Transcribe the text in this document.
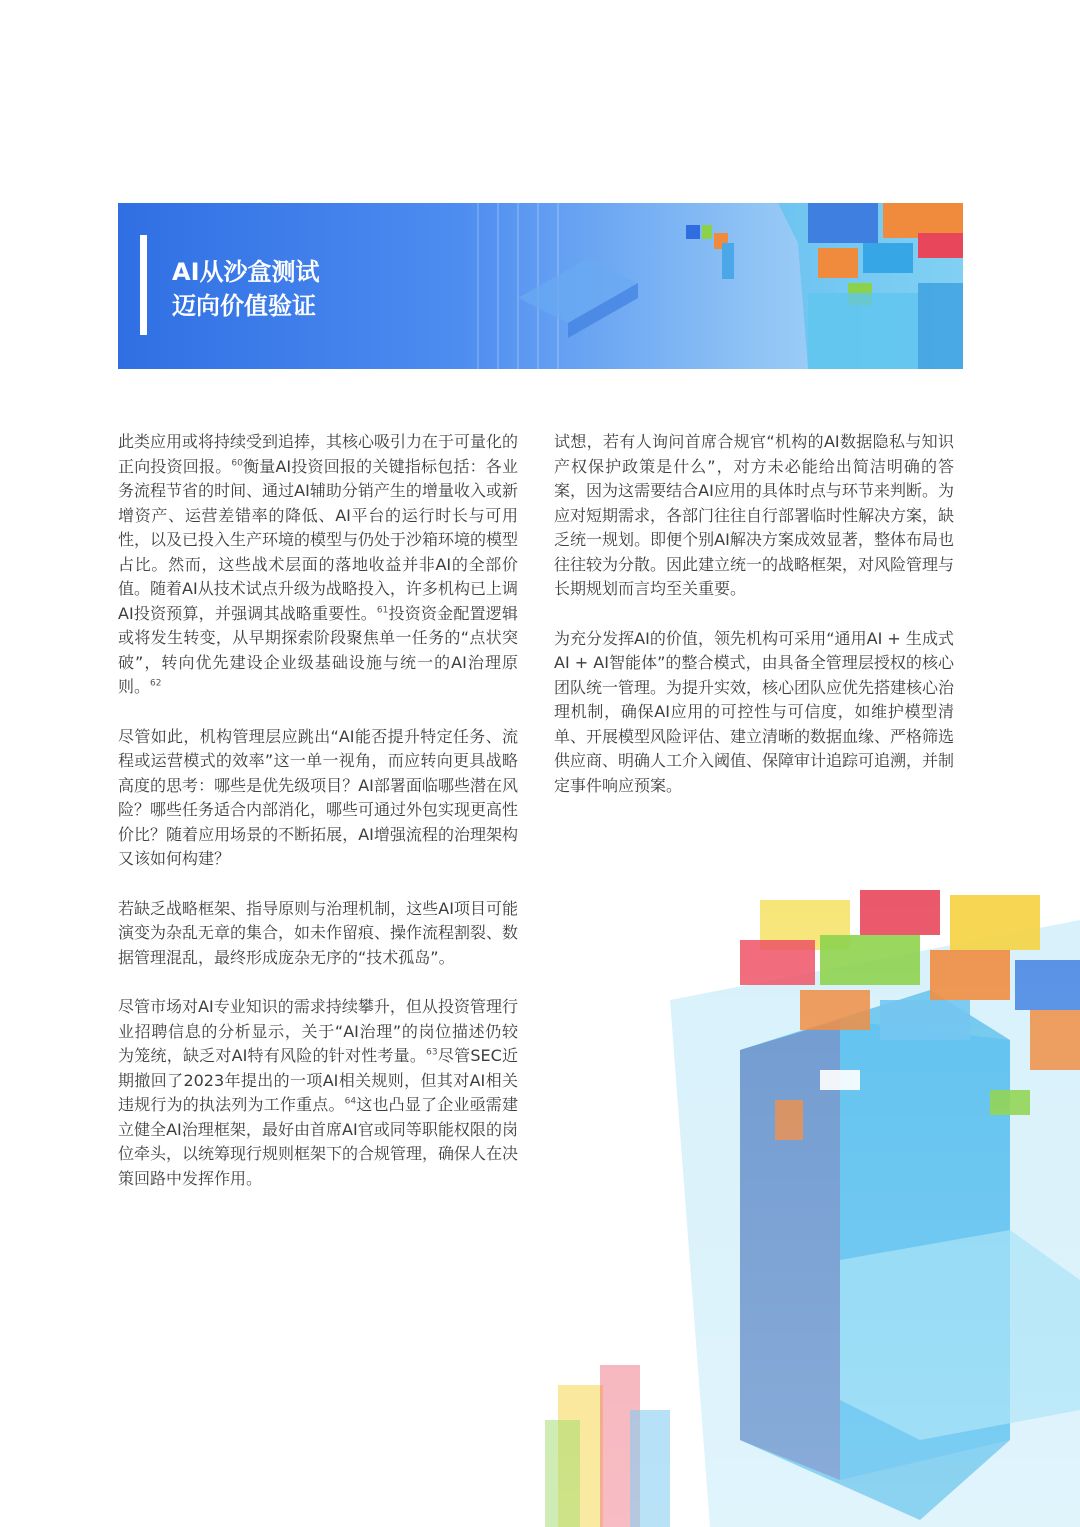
AI从沙盒测试
迈向价值验证

此类应用或将持续受到追捧，其核心吸引力在于可量化的正向投资回报。$^{60}$衡量AI投资回报的关键指标包括：各业务流程节省的时间、通过AI辅助分销产生的增量收入或新增资产、运营差错率的降低、AI平台的运行时长与可用性，以及已投入生产环境的模型与仍处于沙箱环境的模型占比。然而，这些战术层面的落地收益并非AI的全部价值。随着AI从技术试点升级为战略投入，许多机构已上调AI投资预算，并强调其战略重要性。$^{61}$投资资金配置逻辑或将发生转变，从早期探索阶段聚焦单一任务的“点状突破”，转向优先建设企业级基础设施与统一的AI治理原则。$^{62}$

尽管如此，机构管理层应跳出“AI能否提升特定任务、流程或运营模式的效率”这一单一视角，而应转向更具战略高度的思考：哪些是优先级项目？AI部署面临哪些潜在风险？哪些任务适合内部消化，哪些可通过外包实现更高性价比？随着应用场景的不断拓展，AI增强流程的治理架构又该如何构建？

若缺乏战略框架、指导原则与治理机制，这些AI项目可能演变为杂乱无章的集合，如未作留痕、操作流程割裂、数据管理混乱，最终形成庞杂无序的“技术孤岛”。

尽管市场对AI专业知识的需求持续攀升，但从投资管理行业招聘信息的分析显示，关于“AI治理”的岗位描述仍较为笼统，缺乏对AI特有风险的针对性考量。$^{63}$尽管SEC近期撤回了2023年提出的一项AI相关规则，但其对AI相关违规行为的执法列为工作重点。$^{64}$这也凸显了企业亟需建立健全AI治理框架，最好由首席AI官或同等职能权限的岗位牵头，以统筹现行规则框架下的合规管理，确保人在决策回路中发挥作用。

试想，若有人询问首席合规官“机构的AI数据隐私与知识产权保护政策是什么”，对方未必能给出简洁明确的答案，因为这需要结合AI应用的具体时点与环节来判断。为应对短期需求，各部门往往自行部署临时性解决方案，缺乏统一规划。即便个别AI解决方案成效显著，整体布局也往往较为分散。因此建立统一的战略框架，对风险管理与长期规划而言均至关重要。

为充分发挥AI的价值，领先机构可采用“通用AI + 生成式AI + AI智能体”的整合模式，由具备全管理层授权的核心团队统一管理。为提升实效，核心团队应优先搭建核心治理机制，确保AI应用的可控性与可信度，如维护模型清单、开展模型风险评估、建立清晰的数据血缘、严格筛选供应商、明确人工介入阈值、保障审计追踪可追溯，并制定事件响应预案。
